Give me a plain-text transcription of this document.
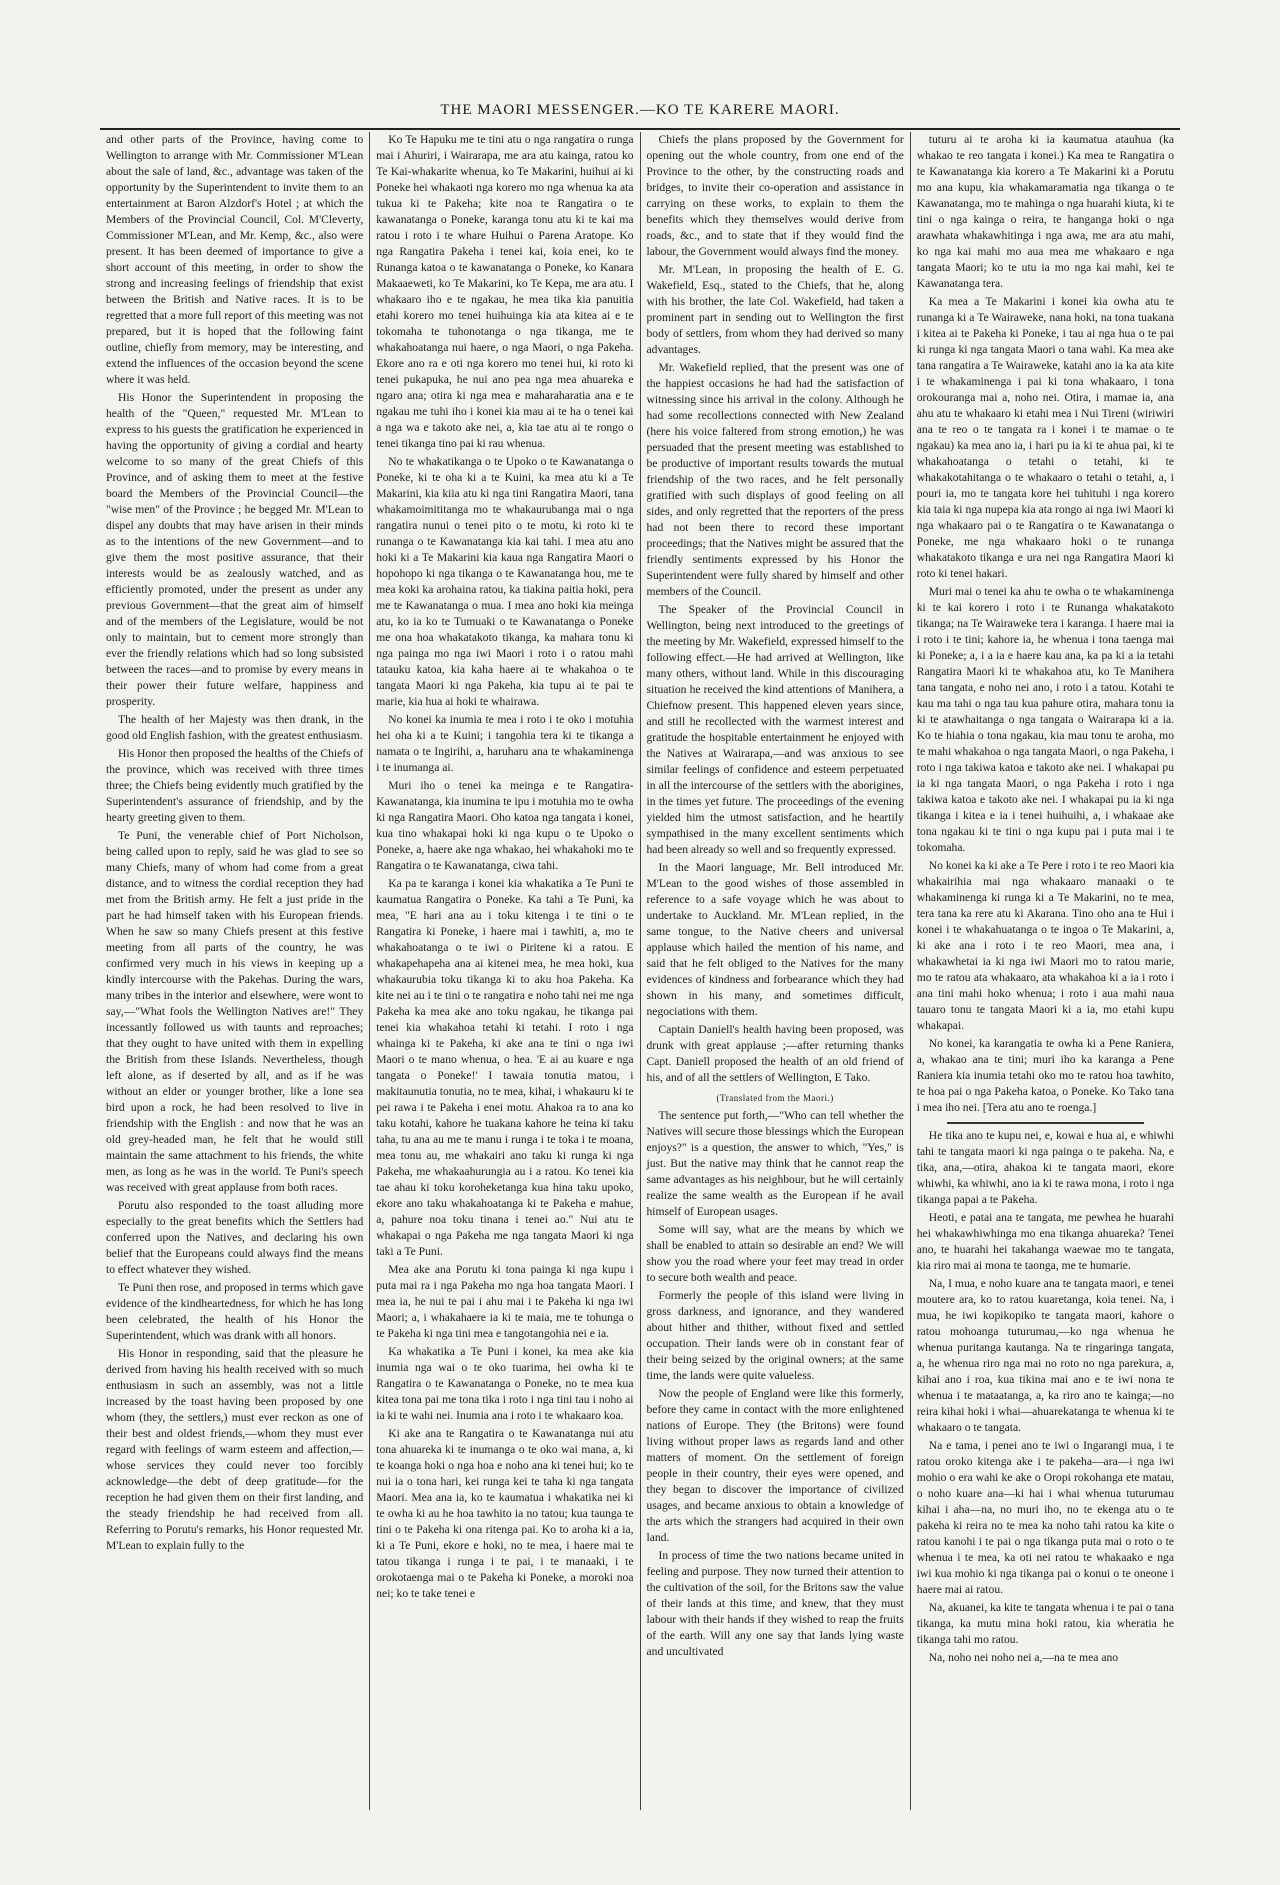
THE MAORI MESSENGER.—KO TE KARERE MAORI.

and other parts of the Province, having come to Wellington to arrange with Mr. Commissioner M'Lean about the sale of land, &c., advantage was taken of the opportunity by the Superintendent to invite them to an entertainment at Baron Alzdorf's Hotel ; at which the Members of the Provincial Council, Col. M'Cleverty, Commissioner M'Lean, and Mr. Kemp, &c., also were present. It has been deemed of importance to give a short account of this meeting, in order to show the strong and increasing feelings of friendship that exist between the British and Native races. It is to be regretted that a more full report of this meeting was not prepared, but it is hoped that the following faint outline, chiefly from memory, may be interesting, and extend the influences of the occasion beyond the scene where it was held.

His Honor the Superintendent in proposing the health of the "Queen," requested Mr. M'Lean to express to his guests the gratification he experienced in having the opportunity of giving a cordial and hearty welcome to so many of the great Chiefs of this Province, and of asking them to meet at the festive board the Members of the Provincial Council—the "wise men" of the Province ; he begged Mr. M'Lean to dispel any doubts that may have arisen in their minds as to the intentions of the new Government—and to give them the most positive assurance, that their interests would be as zealously watched, and as efficiently promoted, under the present as under any previous Government—that the great aim of himself and of the members of the Legislature, would be not only to maintain, but to cement more strongly than ever the friendly relations which had so long subsisted between the races—and to promise by every means in their power their future welfare, happiness and prosperity.

The health of her Majesty was then drank, in the good old English fashion, with the greatest enthusiasm.

His Honor then proposed the healths of the Chiefs of the province, which was received with three times three; the Chiefs being evidently much gratified by the Superintendent's assurance of friendship, and by the hearty greeting given to them.

Te Puni, the venerable chief of Port Nicholson, being called upon to reply, said he was glad to see so many Chiefs, many of whom had come from a great distance, and to witness the cordial reception they had met from the British army. He felt a just pride in the part he had himself taken with his European friends. When he saw so many Chiefs present at this festive meeting from all parts of the country, he was confirmed very much in his views in keeping up a kindly intercourse with the Pakehas. During the wars, many tribes in the interior and elsewhere, were wont to say,—"What fools the Wellington Natives are!" They incessantly followed us with taunts and reproaches; that they ought to have united with them in expelling the British from these Islands. Nevertheless, though left alone, as if deserted by all, and as if he was without an elder or younger brother, like a lone sea bird upon a rock, he had been resolved to live in friendship with the English : and now that he was an old grey-headed man, he felt that he would still maintain the same attachment to his friends, the white men, as long as he was in the world. Te Puni's speech was received with great applause from both races.

Porutu also responded to the toast alluding more especially to the great benefits which the Settlers had conferred upon the Natives, and declaring his own belief that the Europeans could always find the means to effect whatever they wished.

Te Puni then rose, and proposed in terms which gave evidence of the kindheartedness, for which he has long been celebrated, the health of his Honor the Superintendent, which was drank with all honors.

His Honor in responding, said that the pleasure he derived from having his health received with so much enthusiasm in such an assembly, was not a little increased by the toast having been proposed by one whom (they, the settlers,) must ever reckon as one of their best and oldest friends,—whom they must ever regard with feelings of warm esteem and affection,—whose services they could never too forcibly acknowledge—the debt of deep gratitude—for the reception he had given them on their first landing, and the steady friendship he had received from all. Referring to Porutu's remarks, his Honor requested Mr. M'Lean to explain fully to the

Ko Te Hapuku me te tini atu o nga rangatira o runga mai i Ahuriri, i Wairarapa, me ara atu kainga, ratou ko Te Kai-whakarite whenua, ko Te Makarini, huihui ai ki Poneke hei whakaoti nga korero mo nga whenua ka ata tukua ki te Pakeha; kite noa te Rangatira o te kawanatanga o Poneke, karanga tonu atu ki te kai ma ratou i roto i te whare Huihui o Parena Aratope. Ko nga Rangatira Pakeha i tenei kai, koia enei, ko te Runanga katoa o te kawanatanga o Poneke, ko Kanara Makaaeweti, ko Te Makarini, ko Te Kepa, me ara atu. I whakaaro iho e te ngakau, he mea tika kia panuitia etahi korero mo tenei huihuinga kia ata kitea ai e te tokomaha te tuhonotanga o nga tikanga, me te whakahoatanga nui haere, o nga Maori, o nga Pakeha. Ekore ano ra e oti nga korero mo tenei hui, ki roto ki tenei pukapuka, he nui ano pea nga mea ahuareka e ngaro ana; otira ki nga mea e maharaharatia ana e te ngakau me tuhi iho i konei kia mau ai te ha o tenei kai a nga wa e takoto ake nei, a, kia tae atu ai te rongo o tenei tikanga tino pai ki rau whenua.

No te whakatikanga o te Upoko o te Kawanatanga o Poneke, ki te oha ki a te Kuini, ka mea atu ki a Te Makarini, kia kiia atu ki nga tini Rangatira Maori, tana whakamoimititanga mo te whakaurubanga mai o nga rangatira nunui o tenei pito o te motu, ki roto ki te runanga o te Kawanatanga kia kai tahi. I mea atu ano hoki ki a Te Makarini kia kaua nga Rangatira Maori o hopohopo ki nga tikanga o te Kawanatanga hou, me te mea koki ka arohaina ratou, ka tiakina paitia hoki, pera me te Kawanatanga o mua. I mea ano hoki kia meinga atu, ko ia ko te Tumuaki o te Kawanatanga o Poneke me ona hoa whakatakoto tikanga, ka mahara tonu ki nga painga mo nga iwi Maori i roto i o ratou mahi tatauku katoa, kia kaha haere ai te whakahoa o te tangata Maori ki nga Pakeha, kia tupu ai te pai te marie, kia hua ai hoki te whairawa.

No konei ka inumia te mea i roto i te oko i motuhia hei oha ki a te Kuini; i tangohia tera ki te tikanga a namata o te Ingirihi, a, haruharu ana te whakaminenga i te inumanga ai.

Muri iho o tenei ka meinga e te Rangatira-Kawanatanga, kia inumina te ipu i motuhia mo te owha ki nga Rangatira Maori. Oho katoa nga tangata i konei, kua tino whakapai hoki ki nga kupu o te Upoko o Poneke, a, haere ake nga whakao, hei whakahoki mo te Rangatira o te Kawanatanga, ciwa tahi.

Ka pa te karanga i konei kia whakatika a Te Puni te kaumatua Rangatira o Poneke. Ka tahi a Te Puni, ka mea, "E hari ana au i toku kitenga i te tini o te Rangatira ki Poneke, i haere mai i tawhiti, a, mo te whakahoatanga o te iwi o Piritene ki a ratou. E whakapehapeha ana ai kitenei mea, he mea hoki, kua whakaurubia toku tikanga ki to aku hoa Pakeha. Ka kite nei au i te tini o te rangatira e noho tahi nei me nga Pakeha ka mea ake ano toku ngakau, he tikanga pai tenei kia whakahoa tetahi ki tetahi. I roto i nga whainga ki te Pakeha, ki ake ana te tini o nga iwi Maori o te mano whenua, o hea. 'E ai au kuare e nga tangata o Poneke!' I tawaia tonutia matou, i makitaunutia tonutia, no te mea, kihai, i whakauru ki te pei rawa i te Pakeha i enei motu. Ahakoa ra to ana ko taku kotahi, kahore he tuakana kahore he teina ki taku taha, tu ana au me te manu i runga i te toka i te moana, mea tonu au, me whakairi ano taku ki runga ki nga Pakeha, me whakaahurungia au i a ratou. Ko tenei kia tae ahau ki toku koroheketanga kua hina taku upoko, ekore ano taku whakahoatanga ki te Pakeha e mahue, a, pahure noa toku tinana i tenei ao." Nui atu te whakapai o nga Pakeha me nga tangata Maori ki nga taki a Te Puni.

Mea ake ana Porutu ki tona painga ki nga kupu i puta mai ra i nga Pakeha mo nga hoa tangata Maori. I mea ia, he nui te pai i ahu mai i te Pakeha ki nga iwi Maori; a, i whakahaere ia ki te maia, me te tohunga o te Pakeha ki nga tini mea e tangotangohia nei e ia.

Ka whakatika a Te Puni i konei, ka mea ake kia inumia nga wai o te oko tuarima, hei owha ki te Rangatira o te Kawanatanga o Poneke, no te mea kua kitea tona pai me tona tika i roto i nga tini tau i noho ai ia ki te wahi nei. Inumia ana i roto i te whakaaro koa.

Ki ake ana te Rangatira o te Kawanatanga nui atu tona ahuareka ki te inumanga o te oko wai mana, a, ki te koanga hoki o nga hoa e noho ana ki tenei hui; ko te nui ia o tona hari, kei runga kei te taha ki nga tangata Maori. Mea ana ia, ko te kaumatua i whakatika nei ki te owha ki au he hoa tawhito ia no tatou; kua taunga te tini o te Pakeha ki ona ritenga pai. Ko to aroha ki a ia, ki a Te Puni, ekore e hoki, no te mea, i haere mai te tatou tikanga i runga i te pai, i te manaaki, i te orokotaenga mai o te Pakeha ki Poneke, a moroki noa nei; ko te take tenei e

Chiefs the plans proposed by the Government for opening out the whole country, from one end of the Province to the other, by the constructing roads and bridges, to invite their co-operation and assistance in carrying on these works, to explain to them the benefits which they themselves would derive from roads, &c., and to state that if they would find the labour, the Government would always find the money.

Mr. M'Lean, in proposing the health of E. G. Wakefield, Esq., stated to the Chiefs, that he, along with his brother, the late Col. Wakefield, had taken a prominent part in sending out to Wellington the first body of settlers, from whom they had derived so many advantages.

Mr. Wakefield replied, that the present was one of the happiest occasions he had had the satisfaction of witnessing since his arrival in the colony. Although he had some recollections connected with New Zealand (here his voice faltered from strong emotion,) he was persuaded that the present meeting was established to be productive of important results towards the mutual friendship of the two races, and he felt personally gratified with such displays of good feeling on all sides, and only regretted that the reporters of the press had not been there to record these important proceedings; that the Natives might be assured that the friendly sentiments expressed by his Honor the Superintendent were fully shared by himself and other members of the Council.

The Speaker of the Provincial Council in Wellington, being next introduced to the greetings of the meeting by Mr. Wakefield, expressed himself to the following effect.—He had arrived at Wellington, like many others, without land. While in this discouraging situation he received the kind attentions of Manihera, a Chiefnow present. This happened eleven years since, and still he recollected with the warmest interest and gratitude the hospitable entertainment he enjoyed with the Natives at Wairarapa,—and was anxious to see similar feelings of confidence and esteem perpetuated in all the intercourse of the settlers with the aborigines, in the times yet future. The proceedings of the evening yielded him the utmost satisfaction, and he heartily sympathised in the many excellent sentiments which had been already so well and so frequently expressed.

In the Maori language, Mr. Bell introduced Mr. M'Lean to the good wishes of those assembled in reference to a safe voyage which he was about to undertake to Auckland. Mr. M'Lean replied, in the same tongue, to the Native cheers and universal applause which hailed the mention of his name, and said that he felt obliged to the Natives for the many evidences of kindness and forbearance which they had shown in his many, and sometimes difficult, negociations with them.

Captain Daniell's health having been proposed, was drunk with great applause ;—after returning thanks Capt. Daniell proposed the health of an old friend of his, and of all the settlers of Wellington, E Tako.

(Translated from the Maori.)

The sentence put forth,—"Who can tell whether the Natives will secure those blessings which the European enjoys?" is a question, the answer to which, "Yes," is just. But the native may think that he cannot reap the same advantages as his neighbour, but he will certainly realize the same wealth as the European if he avail himself of European usages.

Some will say, what are the means by which we shall be enabled to attain so desirable an end? We will show you the road where your feet may tread in order to secure both wealth and peace.

Formerly the people of this island were living in gross darkness, and ignorance, and they wandered about hither and thither, without fixed and settled occupation. Their lands were ob in constant fear of their being seized by the original owners; at the same time, the lands were quite valueless.

Now the people of England were like this formerly, before they came in contact with the more enlightened nations of Europe. They (the Britons) were found living without proper laws as regards land and other matters of moment. On the settlement of foreign people in their country, their eyes were opened, and they began to discover the importance of civilized usages, and became anxious to obtain a knowledge of the arts which the strangers had acquired in their own land.

In process of time the two nations became united in feeling and purpose. They now turned their attention to the cultivation of the soil, for the Britons saw the value of their lands at this time, and knew, that they must labour with their hands if they wished to reap the fruits of the earth. Will any one say that lands lying waste and uncultivated

tuturu ai te aroha ki ia kaumatua atauhua (ka whakao te reo tangata i konei.) Ka mea te Rangatira o te Kawanatanga kia korero a Te Makarini ki a Porutu mo ana kupu, kia whakamaramatia nga tikanga o te Kawanatanga, mo te mahinga o nga huarahi kiuta, ki te tini o nga kainga o reira, te hanganga hoki o nga arawhata whakawhitinga i nga awa, me ara atu mahi, ko nga kai mahi mo aua mea me whakaaro e nga tangata Maori; ko te utu ia mo nga kai mahi, kei te Kawanatanga tera.

Ka mea a Te Makarini i konei kia owha atu te runanga ki a Te Wairaweke, nana hoki, na tona tuakana i kitea ai te Pakeha ki Poneke, i tau ai nga hua o te pai ki runga ki nga tangata Maori o tana wahi. Ka mea ake tana rangatira a Te Wairaweke, katahi ano ia ka ata kite i te whakaminenga i pai ki tona whakaaro, i tona orokouranga mai a, noho nei. Otira, i mamae ia, ana ahu atu te whakaaro ki etahi mea i Nui Tireni (wiriwiri ana te reo o te tangata ra i konei i te mamae o te ngakau) ka mea ano ia, i hari pu ia ki te ahua pai, ki te whakahoatanga o tetahi o tetahi, ki te whakakotahitanga o te whakaaro o tetahi o tetahi, a, i pouri ia, mo te tangata kore hei tuhituhi i nga korero kia taia ki nga nupepa kia ata rongo ai nga iwi Maori ki nga whakaaro pai o te Rangatira o te Kawanatanga o Poneke, me nga whakaaro hoki o te runanga whakatakoto tikanga e ura nei nga Rangatira Maori ki roto ki tenei hakari.

Muri mai o tenei ka ahu te owha o te whakaminenga ki te kai korero i roto i te Runanga whakatakoto tikanga; na Te Wairaweke tera i karanga. I haere mai ia i roto i te tini; kahore ia, he whenua i tona taenga mai ki Poneke; a, i a ia e haere kau ana, ka pa ki a ia tetahi Rangatira Maori ki te whakahoa atu, ko Te Manihera tana tangata, e noho nei ano, i roto i a tatou. Kotahi te kau ma tahi o nga tau kua pahure otira, mahara tonu ia ki te atawhaitanga o nga tangata o Wairarapa ki a ia. Ko te hiahia o tona ngakau, kia mau tonu te aroha, mo te mahi whakahoa o nga tangata Maori, o nga Pakeha, i roto i nga takiwa katoa e takoto ake nei. I whakapai pu ia ki nga tangata Maori, o nga Pakeha i roto i nga takiwa katoa e takoto ake nei. I whakapai pu ia ki nga tikanga i kitea e ia i tenei huihuihi, a, i whakaae ake tona ngakau ki te tini o nga kupu pai i puta mai i te tokomaha.

No konei ka ki ake a Te Pere i roto i te reo Maori kia whakairihia mai nga whakaaro manaaki o te whakaminenga ki runga ki a Te Makarini, no te mea, tera tana ka rere atu ki Akarana. Tino oho ana te Hui i konei i te whakahuatanga o te ingoa o Te Makarini, a, ki ake ana i roto i te reo Maori, mea ana, i whakawhetai ia ki nga iwi Maori mo to ratou marie, mo te ratou ata whakaaro, ata whakahoa ki a ia i roto i ana tini mahi hoko whenua; i roto i aua mahi naua tauaro tonu te tangata Maori ki a ia, mo etahi kupu whakapai.

No konei, ka karangatia te owha ki a Pene Raniera, a, whakao ana te tini; muri iho ka karanga a Pene Raniera kia inumia tetahi oko mo te ratou hoa tawhito, te hoa pai o nga Pakeha katoa, o Poneke. Ko Tako tana i mea iho nei. [Tera atu ano te roenga.]

He tika ano te kupu nei, e, kowai e hua ai, e whiwhi tahi te tangata maori ki nga painga o te pakeha. Na, e tika, ana,—otira, ahakoa ki te tangata maori, ekore whiwhi, ka whiwhi, ano ia ki te rawa mona, i roto i nga tikanga papai a te Pakeha.

Heoti, e patai ana te tangata, me pewhea he huarahi hei whakawhiwhinga mo ena tikanga ahuareka? Tenei ano, te huarahi hei takahanga waewae mo te tangata, kia riro mai ai mona te taonga, me te humarie.

Na, I mua, e noho kuare ana te tangata maori, e tenei moutere ara, ko to ratou kuaretanga, koia tenei. Na, i mua, he iwi kopikopiko te tangata maori, kahore o ratou mohoanga tuturumau,—ko nga whenua he whenua puritanga kautanga. Na te ringaringa tangata, a, he whenua riro nga mai no roto no nga parekura, a, kihai ano i roa, kua tikina mai ano e te iwi nona te whenua i te mataatanga, a, ka riro ano te kainga;—no reira kihai hoki i whai—ahuarekatanga te whenua ki te whakaaro o te tangata.

Na e tama, i penei ano te iwi o Ingarangi mua, i te ratou oroko kitenga ake i te pakeha—ara—i nga iwi mohio o era wahi ke ake o Oropi rokohanga ete matau, o noho kuare ana—ki hai i whai whenua tuturumau kihai i aha—na, no muri iho, no te ekenga atu o te pakeha ki reira no te mea ka noho tahi ratou ka kite o ratou kanohi i te pai o nga tikanga puta mai o roto o te whenua i te mea, ka oti nei ratou te whakaako e nga iwi kua mohio ki nga tikanga pai o konui o te oneone i haere mai ai ratou.

Na, akuanei, ka kite te tangata whenua i te pai o tana tikanga, ka mutu mina hoki ratou, kia wheratia he tikanga tahi mo ratou.

Na, noho nei noho nei a,—na te mea ano
